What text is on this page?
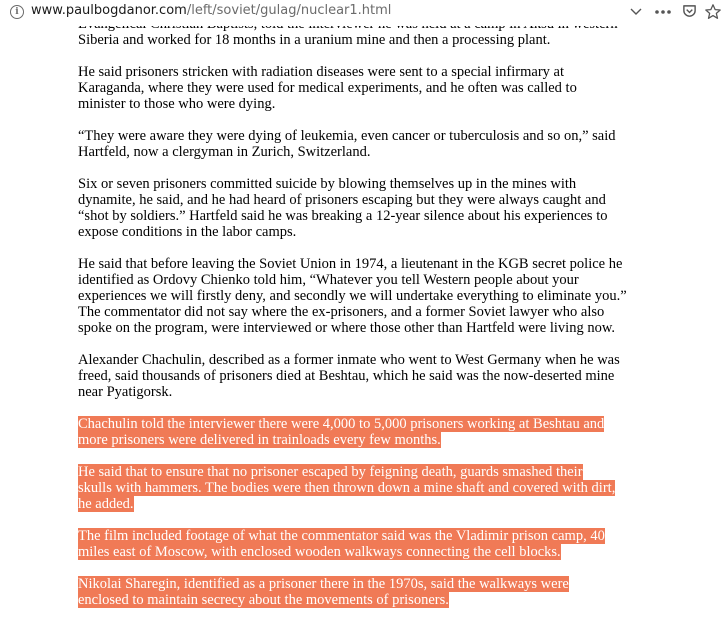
i www.paulbogdanor.com/left/soviet/gulag/nuclear1.html

Siberia and worked for 18 months in a uranium mine and then a processing plant.

He said prisoners stricken with radiation diseases were sent to a special infirmary at
Karaganda, where they were used for medical experiments, and he often was called to
minister to those who were dying.

“They were aware they were dying of leukemia, even cancer or tuberculosis and so on,” said
Hartfeld, now a clergyman in Zurich, Switzerland.

Six or seven prisoners committed suicide by blowing themselves up in the mines with
dynamite, he said, and he had heard of prisoners escaping but they were always caught and
“shot by soldiers.” Hartfeld said he was breaking a 12-year silence about his experiences to
expose conditions in the labor camps.

He said that before leaving the Soviet Union in 1974, a lieutenant in the KGB secret police he
identified as Ordovy Chienko told him, “Whatever you tell Western people about your
experiences we will firstly deny, and secondly we will undertake everything to eliminate you.”
The commentator did not say where the ex-prisoners, and a former Soviet lawyer who also
spoke on the program, were interviewed or where those other than Hartfeld were living now.

Alexander Chachulin, described as a former inmate who went to West Germany when he was
freed, said thousands of prisoners died at Beshtau, which he said was the now-deserted mine
near Pyatigorsk.

Chachulin told the interviewer there were 4,000 to 5,000 prisoners working at Beshtau and
more prisoners were delivered in trainloads every few months.

He said that to ensure that no prisoner escaped by feigning death, guards smashed their
skulls with hammers. The bodies were then thrown down a mine shaft and covered with dirt,
he added.

The film included footage of what the commentator said was the Vladimir prison camp, 40
miles east of Moscow, with enclosed wooden walkways connecting the cell blocks.

Nikolai Sharegin, identified as a prisoner there in the 1970s, said the walkways were
enclosed to maintain secrecy about the movements of prisoners.
